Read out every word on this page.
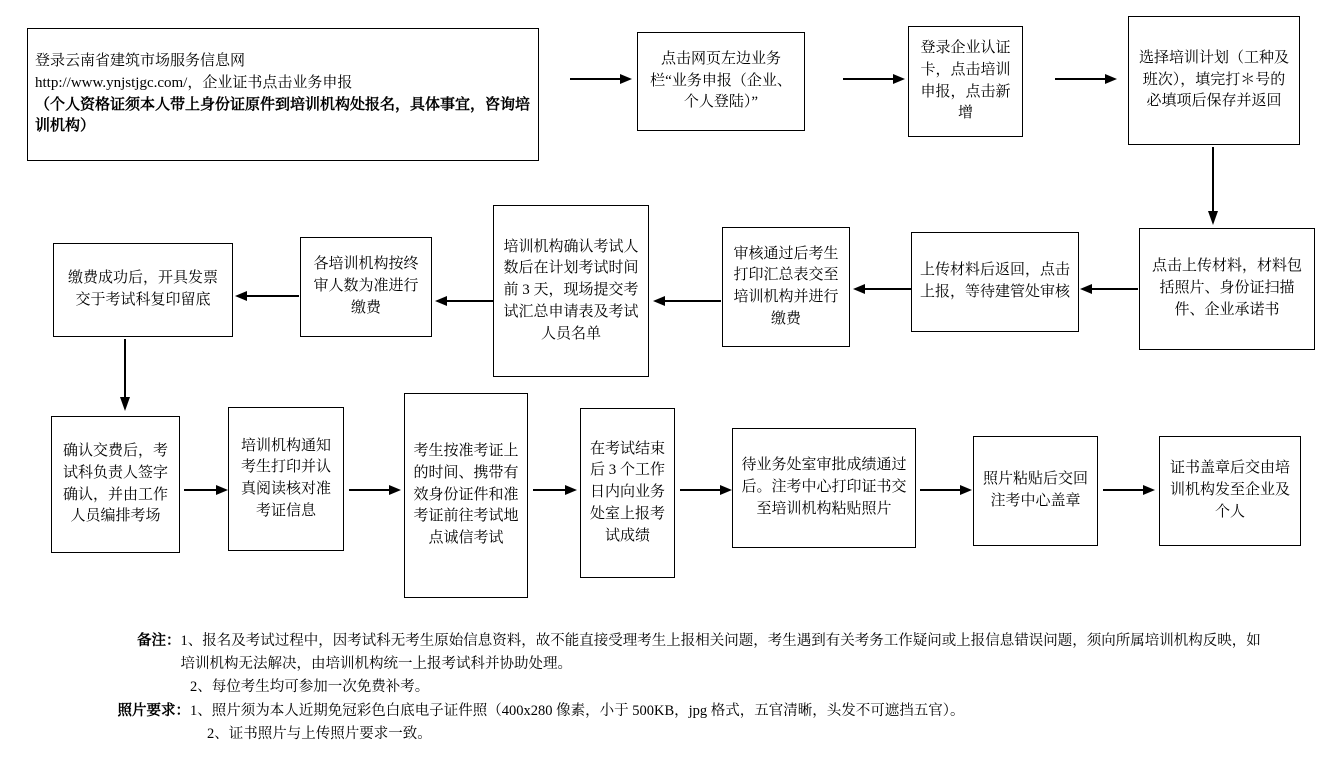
登录云南省建筑市场服务信息网
http://www.ynjstjgc.com/，企业证书点击业务申报
（个人资格证须本人带上身份证原件到培训机构处报名，具体事宜，咨询培训机构）
点击网页左边业务栏“业务申报（企业、个人登陆）”
登录企业认证卡，点击培训申报，点击新增
选择培训计划（工种及班次），填完打＊号的必填项后保存并返回
点击上传材料，材料包括照片、身份证扫描件、企业承诺书
上传材料后返回，点击上报，等待建管处审核
审核通过后考生打印汇总表交至培训机构并进行缴费
培训机构确认考试人数后在计划考试时间前 3 天，现场提交考试汇总申请表及考试人员名单
各培训机构按终审人数为准进行缴费
缴费成功后，开具发票交于考试科复印留底
确认交费后，考试科负责人签字确认，并由工作人员编排考场
培训机构通知考生打印并认真阅读核对准考证信息
考生按准考证上的时间、携带有效身份证件和准考证前往考试地点诚信考试
在考试结束后 3 个工作日内向业务处室上报考试成绩
待业务处室审批成绩通过后。注考中心打印证书交至培训机构粘贴照片
照片粘贴后交回注考中心盖章
证书盖章后交由培训机构发至企业及个人
备注： 1、报名及考试过程中，因考试科无考生原始信息资料，故不能直接受理考生上报相关问题，考生遇到有关考务工作疑问或上报信息错误问题，须向所属培训机构反映，如培训机构无法解决，由培训机构统一上报考试科并协助处理。
2、每位考生均可参加一次免费补考。
照片要求： 1、照片须为本人近期免冠彩色白底电子证件照（400x280 像素，小于 500KB，jpg 格式，五官清晰，头发不可遮挡五官）。
2、证书照片与上传照片要求一致。
